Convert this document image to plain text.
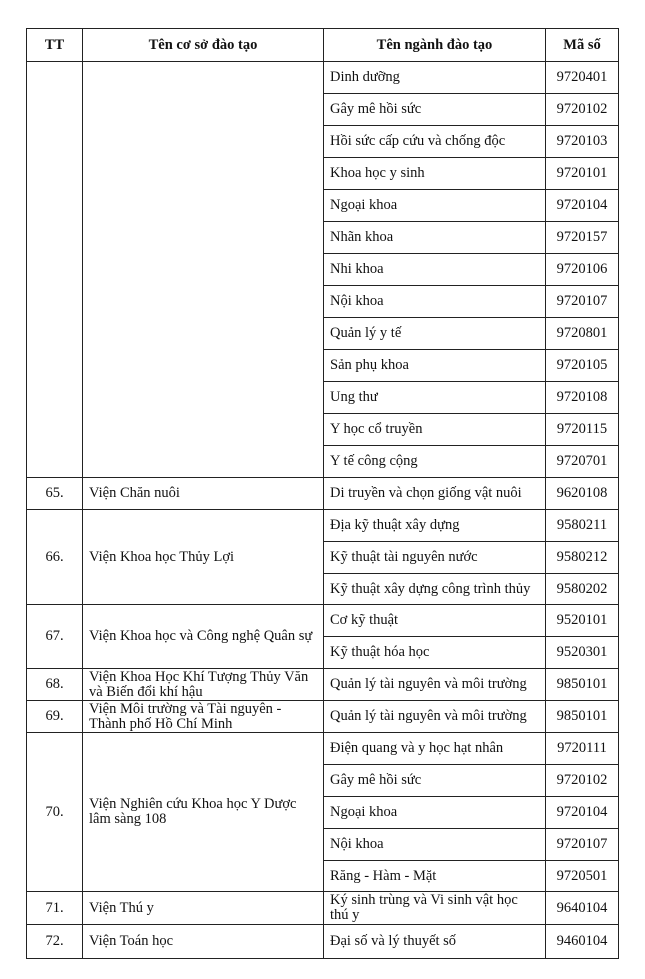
TT	Tên cơ sở đào tạo	Tên ngành đào tạo	Mã số
		Dinh dưỡng	9720401
		Gây mê hồi sức	9720102
		Hồi sức cấp cứu và chống độc	9720103
		Khoa học y sinh	9720101
		Ngoại khoa	9720104
		Nhãn khoa	9720157
		Nhi khoa	9720106
		Nội khoa	9720107
		Quản lý y tế	9720801
		Sản phụ khoa	9720105
		Ung thư	9720108
		Y học cổ truyền	9720115
		Y tế công cộng	9720701
65.	Viện Chăn nuôi	Di truyền và chọn giống vật nuôi	9620108
66.	Viện Khoa học Thủy Lợi	Địa kỹ thuật xây dựng	9580211
		Kỹ thuật tài nguyên nước	9580212
		Kỹ thuật xây dựng công trình thủy	9580202
67.	Viện Khoa học và Công nghệ Quân sự	Cơ kỹ thuật	9520101
		Kỹ thuật hóa học	9520301
68.	Viện Khoa Học Khí Tượng Thủy Văn và Biến đổi khí hậu	Quản lý tài nguyên và môi trường	9850101
69.	Viện Môi trường và Tài nguyên - Thành phố Hồ Chí Minh	Quản lý tài nguyên và môi trường	9850101
70.	Viện Nghiên cứu Khoa học Y Dược lâm sàng 108	Điện quang và y học hạt nhân	9720111
		Gây mê hồi sức	9720102
		Ngoại khoa	9720104
		Nội khoa	9720107
		Răng - Hàm - Mặt	9720501
71.	Viện Thú y	Ký sinh trùng và Vi sinh vật học thú y	9640104
72.	Viện Toán học	Đại số và lý thuyết số	9460104
